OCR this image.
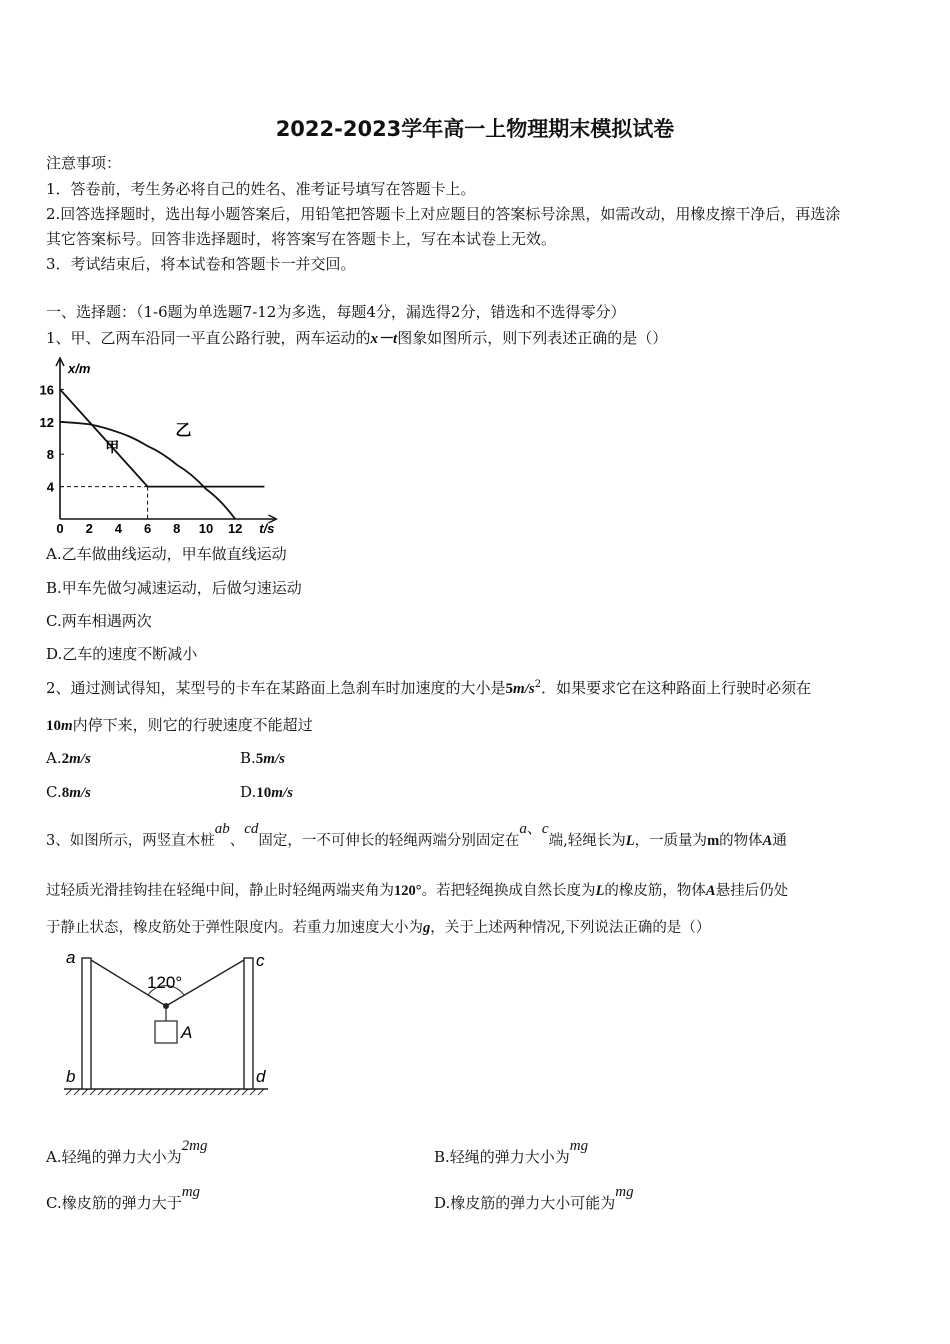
2022-2023学年高一上物理期末模拟试卷
注意事项：
1．答卷前，考生务必将自己的姓名、准考证号填写在答题卡上。
2.回答选择题时，选出每小题答案后，用铅笔把答题卡上对应题目的答案标号涂黑，如需改动，用橡皮擦干净后，再选涂
其它答案标号。回答非选择题时，将答案写在答题卡上，写在本试卷上无效。
3．考试结束后，将本试卷和答题卡一并交回。
一、选择题：（1-6题为单选题7-12为多选，每题4分，漏选得2分，错选和不选得零分）
1、甲、乙两车沿同一平直公路行驶，两车运动的x－t图象如图所示，则下列表述正确的是（）
0 2 4 6 8 10 12
4
8
12
16
甲
乙
t/s
x/m
A.乙车做曲线运动，甲车做直线运动
B.甲车先做匀减速运动，后做匀速运动
C.两车相遇两次
D.乙车的速度不断减小
2、通过测试得知，某型号的卡车在某路面上急刹车时加速度的大小是$5m/s^2$．如果要求它在这种路面上行驶时必须在
10m内停下来，则它的行驶速度不能超过
A.2m/s	B.5m/s
C.8m/s	D.10m/s
3、如图所示，两竖直木桩ab、cd固定，一不可伸长的轻绳两端分别固定在a、c端,轻绳长为L，一质量为m的物体A通
过轻质光滑挂钩挂在轻绳中间，静止时轻绳两端夹角为120°。若把轻绳换成自然长度为L的橡皮筋，物体A悬挂后仍处
于静止状态，橡皮筋处于弹性限度内。若重力加速度大小为g，关于上述两种情况,下列说法正确的是（）
120°
A
a
b
c
d
A.轻绳的弹力大小为2mg
B.轻绳的弹力大小为mg
C.橡皮筋的弹力大于mg
D.橡皮筋的弹力大小可能为mg
